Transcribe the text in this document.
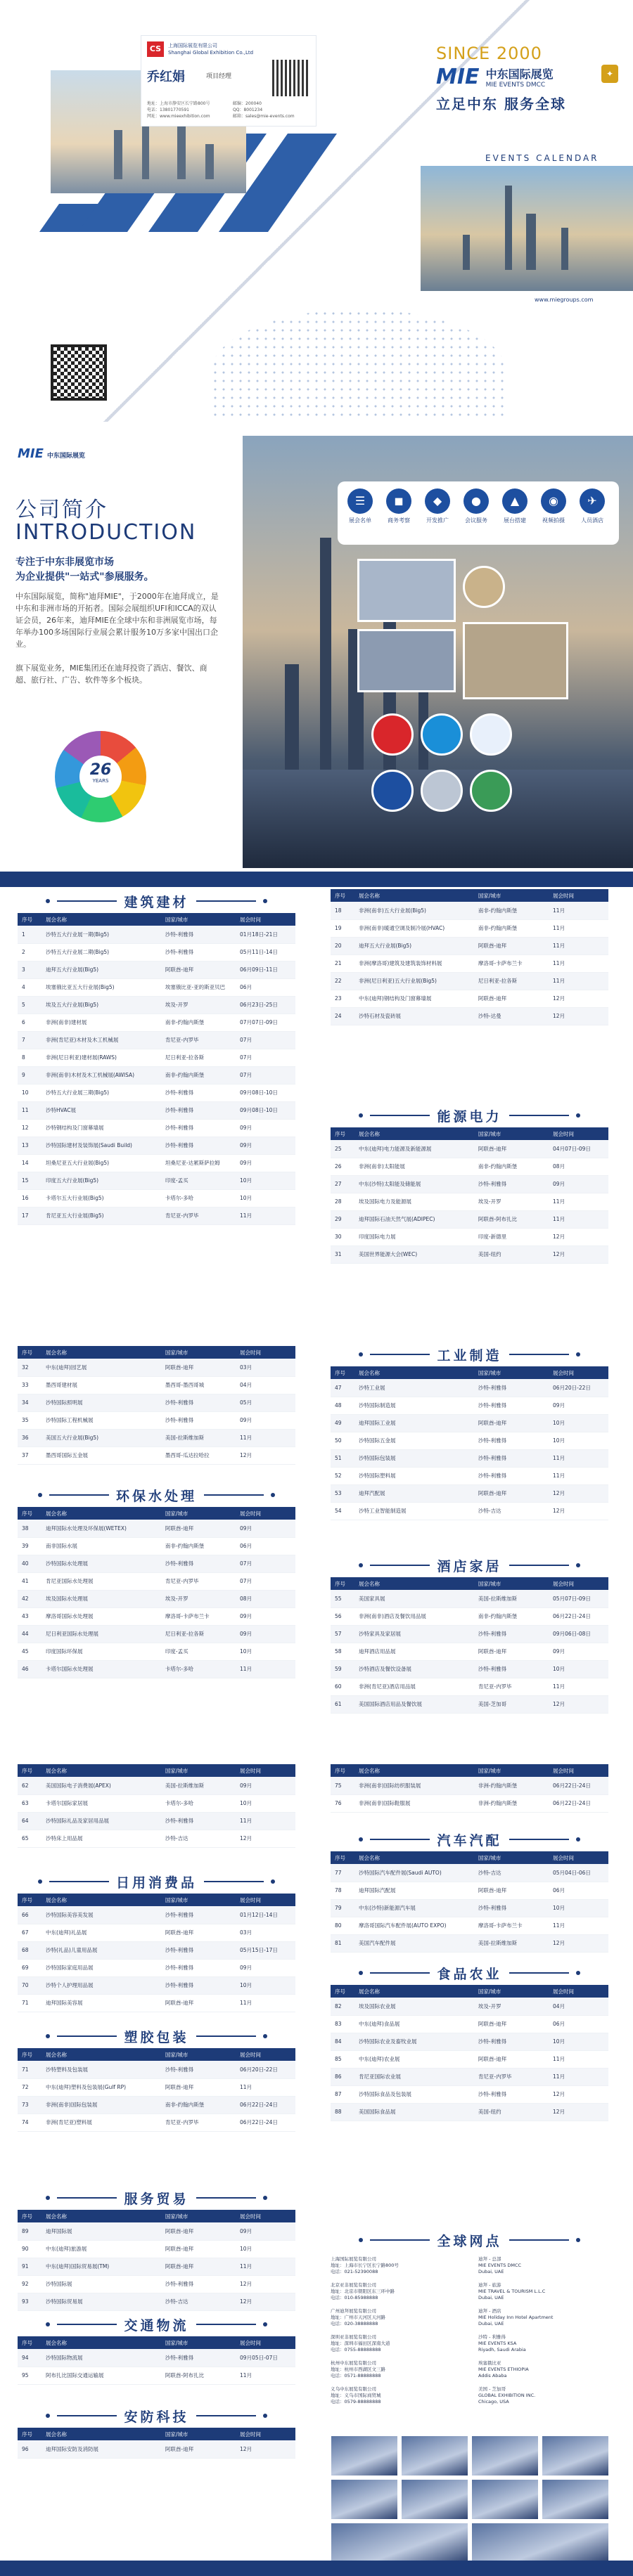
CS	上海国际展览有限公司
Shanghai Global Exhibition Co.,Ltd
乔红娟	项目经理
地址：上海市静安区长宁路800号
电话：13801770591
网址：www.mieexhibition.com
邮编：200040
QQ：8001234
邮箱：sales@mie-events.com
SINCE 2000
MIE 中东国际展览
MIE EVENTS DMCC
✦
立足中东 服务全球
EVENTS CALENDAR
www.miegroups.com
MIE 中东国际展览
公司简介
INTRODUCTION
专注于中东非展览市场
为企业提供"一站式"参展服务。
中东国际展览，简称"迪拜MIE"，于2000年在迪拜成立，是中东和非洲市场的开拓者。国际会展组织UFI和ICCA的双认证会员，26年来，迪拜MIE在全球中东和非洲展览市场，每年举办100多场国际行业展会累计服务10万多家中国出口企业。

旗下展览业务，MIE集团还在迪拜投资了酒店、餐饮、商超、旅行社、广告、软件等多个板块。
26
YEARS
☰
展会名单
◼
商务考察
◆
开发推广
●
会议服务
▲
展台搭建
◉
视频拍摄
✈
人员酒店
建筑建材
序号	展会名称	国家/城市	展会时间
1	沙特五大行业展一期(Big5)	沙特-利雅得	01月18日-21日
2	沙特五大行业展二期(Big5)	沙特-利雅得	05月11日-14日
3	迪拜五大行业展(Big5)	阿联酋-迪拜	06月09日-11日
4	埃塞俄比亚五大行业展(Big5)	埃塞俄比亚-亚的斯亚贝巴	06月
5	埃及五大行业展(Big5)	埃及-开罗	06月23日-25日
6	非洲(南非)建材展	南非-约翰内斯堡	07月07日-09日
7	非洲(肯尼亚)木材及木工机械展	肯尼亚-内罗毕	07月
8	非洲(尼日利亚)建材展(RAWS)	尼日利亚-拉各斯	07月
9	非洲(南非)木材及木工机械展(AWISA)	南非-约翰内斯堡	07月
10	沙特五大行业展三期(Big5)	沙特-利雅得	09月08日-10日
11	沙特HVAC展	沙特-利雅得	09月08日-10日
12	沙特钢结构及门窗幕墙展	沙特-利雅得	09月
13	沙特国际建材及装饰展(Saudi Build)	沙特-利雅得	09月
14	坦桑尼亚五大行业展(Big5)	坦桑尼亚-达累斯萨拉姆	09月
15	印度五大行业展(Big5)	印度-孟买	10月
16	卡塔尔五大行业展(Big5)	卡塔尔-多哈	10月
17	肯尼亚五大行业展(Big5)	肯尼亚-内罗毕	11月
序号	展会名称	国家/城市	展会时间
18	非洲(南非)五大行业展(Big5)	南非-约翰内斯堡	11月
19	非洲(南非)暖通空调及制冷展(HVAC)	南非-约翰内斯堡	11月
20	迪拜五大行业展(Big5)	阿联酋-迪拜	11月
21	非洲(摩洛哥)建筑及建筑装饰材料展	摩洛哥-卡萨布兰卡	11月
22	非洲(尼日利亚)五大行业展(Big5)	尼日利亚-拉各斯	11月
23	中东(迪拜)钢结构及门窗幕墙展	阿联酋-迪拜	12月
24	沙特石材及瓷砖展	沙特-达曼	12月
能源电力
序号	展会名称	国家/城市	展会时间
25	中东(迪拜)电力能源及新能源展	阿联酋-迪拜	04月07日-09日
26	非洲(南非)太阳能展	南非-约翰内斯堡	08月
27	中东(沙特)太阳能及储能展	沙特-利雅得	09月
28	埃及国际电力及能源展	埃及-开罗	11月
29	迪拜国际石油天然气展(ADIPEC)	阿联酋-阿布扎比	11月
30	印度国际电力展	印度-新德里	12月
31	美国世界能源大会(WEC)	美国-纽约	12月
序号	展会名称	国家/城市	展会时间
32	中东(迪拜)园艺展	阿联酋-迪拜	03月
33	墨西哥建材展	墨西哥-墨西哥城	04月
34	沙特国际照明展	沙特-利雅得	05月
35	沙特国际工程机械展	沙特-利雅得	09月
36	美国五大行业展(Big5)	美国-拉斯维加斯	11月
37	墨西哥国际五金展	墨西哥-瓜达拉哈拉	12月
环保水处理
序号	展会名称	国家/城市	展会时间
38	迪拜国际水处理及环保展(WETEX)	阿联酋-迪拜	09月
39	南非国际水展	南非-约翰内斯堡	06月
40	沙特国际水处理展	沙特-利雅得	07月
41	肯尼亚国际水处理展	肯尼亚-内罗毕	07月
42	埃及国际水处理展	埃及-开罗	08月
43	摩洛哥国际水处理展	摩洛哥-卡萨布兰卡	09月
44	尼日利亚国际水处理展	尼日利亚-拉各斯	09月
45	印度国际环保展	印度-孟买	10月
46	卡塔尔国际水处理展	卡塔尔-多哈	11月
工业制造
序号	展会名称	国家/城市	展会时间
47	沙特工业展	沙特-利雅得	06月20日-22日
48	沙特国际制造展	沙特-利雅得	09月
49	迪拜国际工业展	阿联酋-迪拜	10月
50	沙特国际五金展	沙特-利雅得	10月
51	沙特国际包装展	沙特-利雅得	11月
52	沙特国际塑料展	沙特-利雅得	11月
53	迪拜汽配展	阿联酋-迪拜	12月
54	沙特工业智能制造展	沙特-吉达	12月
酒店家居
序号	展会名称	国家/城市	展会时间
55	美国家具展	美国-拉斯维加斯	05月07日-09日
56	非洲(南非)酒店及餐饮用品展	南非-约翰内斯堡	06月22日-24日
57	沙特家具及家居展	沙特-利雅得	09月06日-08日
58	迪拜酒店用品展	阿联酋-迪拜	09月
59	沙特酒店及餐饮设备展	沙特-利雅得	10月
60	非洲(肯尼亚)酒店用品展	肯尼亚-内罗毕	11月
61	美国国际酒店用品及餐饮展	美国-芝加哥	12月
序号	展会名称	国家/城市	展会时间
62	美国国际电子消费展(APEX)	美国-拉斯维加斯	09月
63	卡塔尔国际家居展	卡塔尔-多哈	10月
64	沙特国际礼品及家居用品展	沙特-利雅得	11月
65	沙特床上用品展	沙特-吉达	12月
日用消费品
序号	展会名称	国家/城市	展会时间
66	沙特国际美容美发展	沙特-利雅得	01月12日-14日
67	中东(迪拜)礼品展	阿联酋-迪拜	03月
68	沙特(礼品)儿童用品展	沙特-利雅得	05月15日-17日
69	沙特国际家庭用品展	沙特-利雅得	09月
70	沙特个人护理用品展	沙特-利雅得	10月
71	迪拜国际美容展	阿联酋-迪拜	11月
塑胶包装
序号	展会名称	国家/城市	展会时间
71	沙特塑料及包装展	沙特-利雅得	06月20日-22日
72	中东(迪拜)塑料及包装展(Gulf RP)	阿联酋-迪拜	11月
73	非洲(南非)国际包装展	南非-约翰内斯堡	06月22日-24日
74	非洲(肯尼亚)塑料展	肯尼亚-内罗毕	06月22日-24日
序号	展会名称	国家/城市	展会时间
75	非洲(南非)国际纺织服装展	非洲-约翰内斯堡	06月22日-24日
76	非洲(南非)国际鞋服展	非洲-约翰内斯堡	06月22日-24日
汽车汽配
序号	展会名称	国家/城市	展会时间
77	沙特国际汽车配件展(Saudi AUTO)	沙特-吉达	05月04日-06日
78	迪拜国际汽配展	阿联酋-迪拜	06月
79	中东(沙特)新能源汽车展	沙特-利雅得	10月
80	摩洛哥国际汽车配件展(AUTO EXPO)	摩洛哥-卡萨布兰卡	11月
81	美国汽车配件展	美国-拉斯维加斯	12月
食品农业
序号	展会名称	国家/城市	展会时间
82	埃及国际农业展	埃及-开罗	04月
83	中东(迪拜)食品展	阿联酋-迪拜	06月
84	沙特国际农业及畜牧业展	沙特-利雅得	10月
85	中东(迪拜)农业展	阿联酋-迪拜	11月
86	肯尼亚国际农业展	肯尼亚-内罗毕	11月
87	沙特国际食品及包装展	沙特-利雅得	12月
88	美国国际食品展	美国-纽约	12月
服务贸易
序号	展会名称	国家/城市	展会时间
89	迪拜国际展	阿联酋-迪拜	09月
90	中东(迪拜)旅游展	阿联酋-迪拜	10月
91	中东(迪拜)国际贸易展(TM)	阿联酋-迪拜	11月
92	沙特国际展	沙特-利雅得	12月
93	沙特国际贸易展	沙特-吉达	12月
交通物流
序号	展会名称	国家/城市	展会时间
94	沙特国际物流展	沙特-利雅得	09月05日-07日
95	阿布扎比国际交通运输展	阿联酋-阿布扎比	11月
安防科技
序号	展会名称	国家/城市	展会时间
96	迪拜国际安防及消防展	阿联酋-迪拜	12月
全球网点
上海国际展览有限公司
地址：上海市长宁区长宁路800号
电话：021-52390088
北京亚非展览有限公司
地址：北京市朝阳区东三环中路
电话：010-85988888
广州迪拜展览有限公司
地址：广州市天河区天河路
电话：020-38888888
深圳亚非展览有限公司
地址：深圳市福田区深南大道
电话：0755-88888888
杭州中东展览有限公司
地址：杭州市西湖区文三路
电话：0571-88888888
义乌中东展览有限公司
地址：义乌市国际商贸城
电话：0579-88888888
迪拜 - 总部
MIE EVENTS DMCC
Dubai, UAE
迪拜 - 旅游
MIE TRAVEL & TOURISM L.L.C
Dubai, UAE
迪拜 - 酒店
MIE Holiday Inn Hotel Apartment
Dubai, UAE
沙特 - 利雅得
MIE EVENTS KSA
Riyadh, Saudi Arabia
埃塞俄比亚
MIE EVENTS ETHIOPIA
Addis Ababa
美国 - 芝加哥
GLOBAL EXHIBITION INC.
Chicago, USA
